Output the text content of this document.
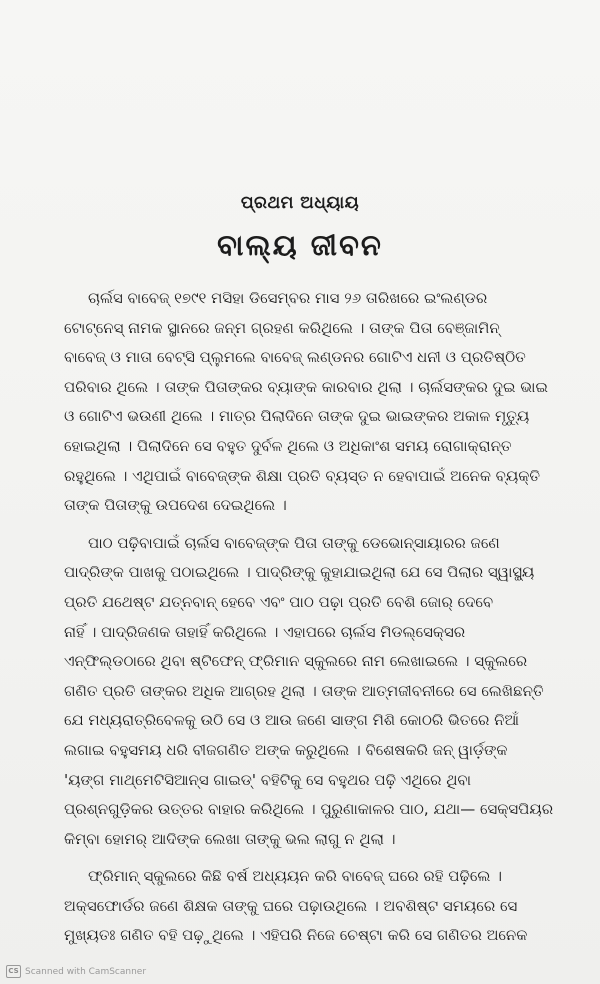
ପ୍ରଥମ ଅଧ୍ୟାୟ
ବାଲ୍ୟ ଜୀବନ
ଚାର୍ଲସ ବାବେଜ୍ ୧୭୯୧ ମସିହା ଡିସେମ୍ବର ମାସ ୨୬ ତାରିଖରେ ଇଂଲଣ୍ଡର
ଟୋଟ୍ନେସ୍ ନାମକ ସ୍ଥାନରେ ଜନ୍ମ ଗ୍ରହଣ କରିଥିଲେ । ତାଙ୍କ ପିତା ବେଞ୍ଜାମିନ୍
ବାବେଜ୍ ଓ ମାତା ବେଟ୍ସି ପ୍ଲୁମଲେ ବାବେଜ୍ ଲଣ୍ଡନର ଗୋଟିଏ ଧନୀ ଓ ପ୍ରତିଷ୍ଠିତ
ପରିବାର ଥିଲେ । ତାଙ୍କ ପିତାଙ୍କର ବ୍ୟାଙ୍କ କାରବାର ଥିଲା । ଚାର୍ଲସଙ୍କର ଦୁଇ ଭାଇ
ଓ ଗୋଟିଏ ଭଉଣୀ ଥିଲେ । ମାତ୍ର ପିଲାଦିନେ ତାଙ୍କ ଦୁଇ ଭାଇଙ୍କର ଅକାଳ ମୃତ୍ୟୁ
ହୋଇଥିଲା । ପିଲାଦିନେ ସେ ବହୁତ ଦୁର୍ବଳ ଥିଲେ ଓ ଅଧିକାଂଶ ସମୟ ରୋଗାକ୍ରାନ୍ତ
ରହୁଥିଲେ । ଏଥିପାଇଁ ବାବେଜ୍‌ଙ୍କ ଶିକ୍ଷା ପ୍ରତି ବ୍ୟସ୍ତ ନ ହେବାପାଇଁ ଅନେକ ବ୍ୟକ୍ତି
ତାଙ୍କ ପିତାଙ୍କୁ ଉପଦେଶ ଦେଇଥିଲେ ।
ପାଠ ପଢ଼ିବାପାଇଁ ଚାର୍ଲସ ବାବେଜ୍‌ଙ୍କ ପିତା ତାଙ୍କୁ ଡେଭୋନ୍‌ସାୟାରର ଜଣେ
ପାଦ୍ରିଙ୍କ ପାଖକୁ ପଠାଇଥିଲେ । ପାଦ୍ରିଙ୍କୁ କୁହାଯାଇଥିଲା ଯେ ସେ ପିଲାର ସ୍ୱାସ୍ଥ୍ୟ
ପ୍ରତି ଯଥେଷ୍ଟ ଯତ୍ନବାନ୍ ହେବେ ଏବଂ ପାଠ ପଢ଼ା ପ୍ରତି ବେଶି ଜୋର୍ ଦେବେ
ନାହିଁ । ପାଦ୍ରିଜଣକ ତାହାହିଁ କରିଥିଲେ । ଏହାପରେ ଚାର୍ଲସ ମିଡଲ୍‌ସେକ୍ସର
ଏନ୍‌ଫିଲ୍ଡଠାରେ ଥିବା ଷ୍ଟିଫେନ୍ ଫ୍ରିମାନ ସ୍କୁଲରେ ନାମ ଲେଖାଇଲେ । ସ୍କୁଲରେ
ଗଣିତ ପ୍ରତି ତାଙ୍କର ଅଧିକ ଆଗ୍ରହ ଥିଲା । ତାଙ୍କ ଆତ୍ମଜୀବନୀରେ ସେ ଲେଖିଛନ୍ତି
ଯେ ମଧ୍ୟରାତ୍ରିବେଳକୁ ଉଠି ସେ ଓ ଆଉ ଜଣେ ସାଙ୍ଗ ମିଶି କୋଠରି ଭିତରେ ନିଆଁ
ଲଗାଇ ବହୁସମୟ ଧରି ବୀଜଗଣିତ ଅଙ୍କ କରୁଥିଲେ । ବିଶେଷକରି ଜନ୍ ୱାର୍ଡ଼ଙ୍କ
'ୟଙ୍ଗ ମାଥ୍‌ମେଟିସିଆନ୍‌ସ ଗାଇଡ୍' ବହିଟିକୁ ସେ ବହୁଥର ପଢ଼ି ଏଥିରେ ଥିବା
ପ୍ରଶ୍ନଗୁଡ଼ିକର ଉତ୍ତର ବାହାର କରିଥିଲେ । ପୁରୁଣାକାଳର ପାଠ, ଯଥା— ସେକ୍ସପିୟର
କିମ୍ବା ହୋମର୍ ଆଦିଙ୍କ ଲେଖା ତାଙ୍କୁ ଭଲ ଲାଗୁ ନ ଥିଲା ।
ଫ୍ରିମାନ୍ ସ୍କୁଲରେ କିଛି ବର୍ଷ ଅଧ୍ୟୟନ କରି ବାବେଜ୍ ଘରେ ରହି ପଢ଼ିଲେ ।
ଅକ୍ସଫୋର୍ଡର ଜଣେ ଶିକ୍ଷକ ତାଙ୍କୁ ଘରେ ପଢ଼ାଉଥିଲେ । ଅବଶିଷ୍ଟ ସମୟରେ ସେ
ମୁଖ୍ୟତଃ ଗଣିତ ବହି ପଢ଼ୁଥିଲେ । ଏହିପରି ନିଜେ ଚେଷ୍ଟା କରି ସେ ଗଣିତର ଅନେକ
CS Scanned with CamScanner
